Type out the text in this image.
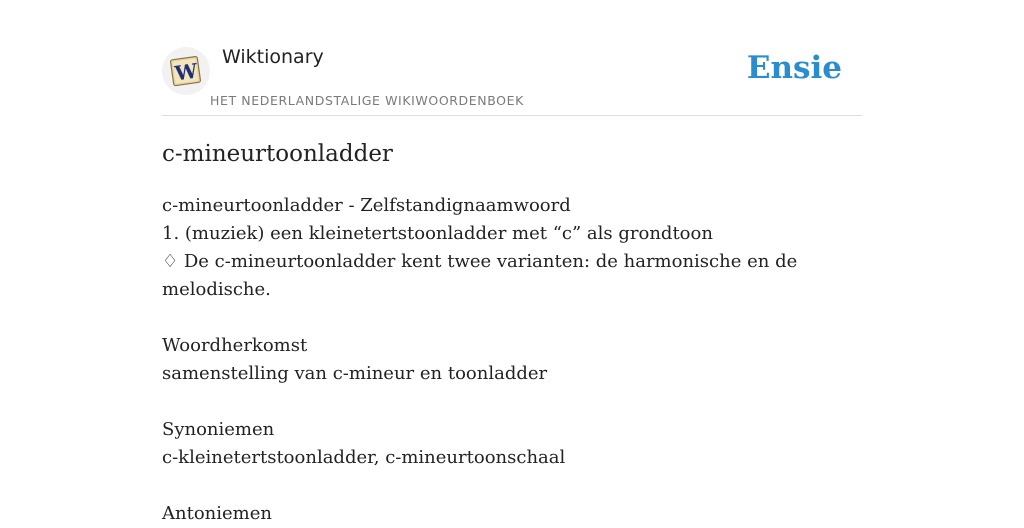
W
Wiktionary
HET NEDERLANDSTALIGE WIKIWOORDENBOEK
Ensie
c-mineurtoonladder

c-mineurtoonladder - Zelfstandignaamwoord

1. (muziek) een kleinetertstoonladder met “c” als grondtoon

♢ De c-mineurtoonladder kent twee varianten: de harmonische en de melodische.

Woordherkomst

samenstelling van c-mineur en toonladder

Synoniemen

c-kleinetertstoonladder, c-mineurtoonschaal

Antoniemen
